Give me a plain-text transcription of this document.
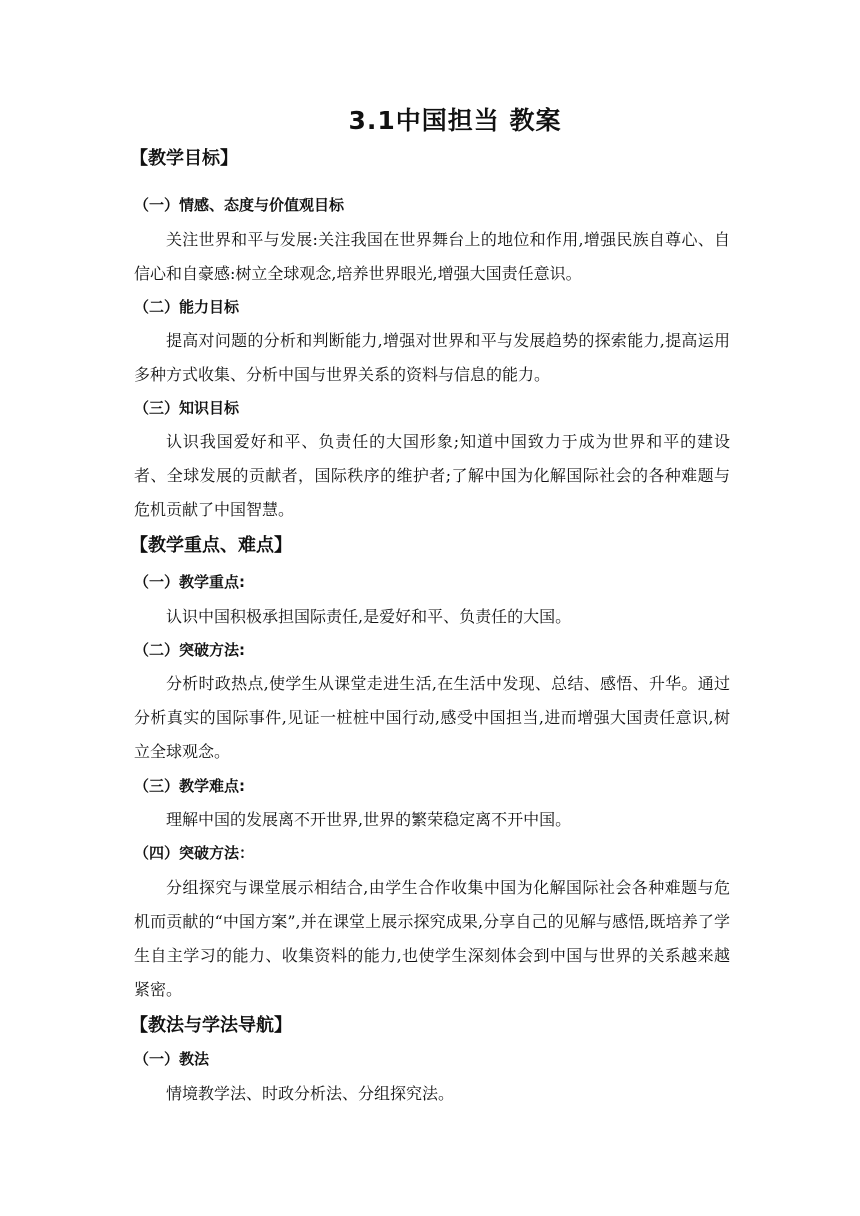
3.1中国担当 教案
【教学目标】
（一）情感、态度与价值观目标
关注世界和平与发展:关注我国在世界舞台上的地位和作用,增强民族自尊心、自信心和自豪感:树立全球观念,培养世界眼光,增强大国责任意识。
（二）能力目标
提高对问题的分析和判断能力,增强对世界和平与发展趋势的探索能力,提高运用多种方式收集、分析中国与世界关系的资料与信息的能力。
（三）知识目标
认识我国爱好和平、负责任的大国形象;知道中国致力于成为世界和平的建设者、全球发展的贡献者，国际秩序的维护者;了解中国为化解国际社会的各种难题与危机贡献了中国智慧。
【教学重点、难点】
（一）教学重点:
认识中国积极承担国际责任,是爱好和平、负责任的大国。
（二）突破方法:
分析时政热点,使学生从课堂走进生活,在生活中发现、总结、感悟、升华。通过分析真实的国际事件,见证一桩桩中国行动,感受中国担当,进而增强大国责任意识,树立全球观念。
（三）教学难点:
理解中国的发展离不开世界,世界的繁荣稳定离不开中国。
（四）突破方法：
分组探究与课堂展示相结合,由学生合作收集中国为化解国际社会各种难题与危机而贡献的“中国方案”,并在课堂上展示探究成果,分享自己的见解与感悟,既培养了学生自主学习的能力、收集资料的能力,也使学生深刻体会到中国与世界的关系越来越紧密。
【教法与学法导航】
（一）教法
情境教学法、时政分析法、分组探究法。
